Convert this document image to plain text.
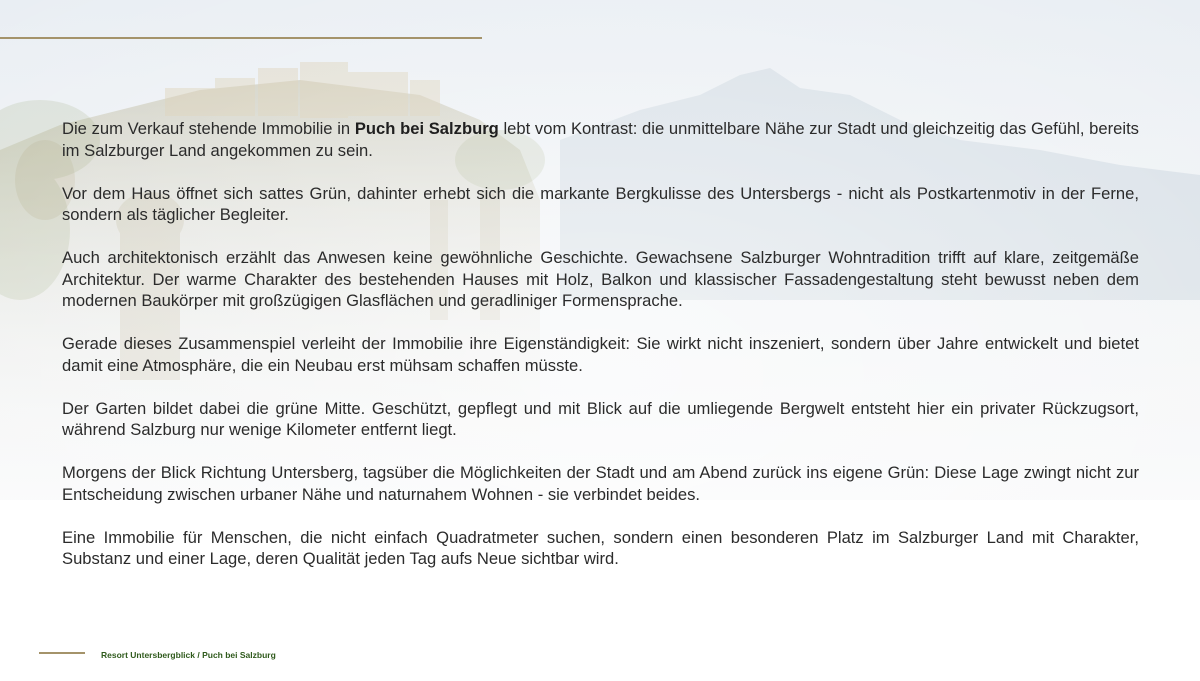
Die zum Verkauf stehende Immobilie in Puch bei Salzburg lebt vom Kontrast: die unmittelbare Nähe zur Stadt und gleichzeitig das Gefühl, bereits im Salzburger Land angekommen zu sein.

Vor dem Haus öffnet sich sattes Grün, dahinter erhebt sich die markante Bergkulisse des Untersbergs - nicht als Postkartenmotiv in der Ferne, sondern als täglicher Begleiter.

Auch architektonisch erzählt das Anwesen keine gewöhnliche Geschichte. Gewachsene Salzburger Wohntradition trifft auf klare, zeitgemäße Architektur. Der warme Charakter des bestehenden Hauses mit Holz, Balkon und klassischer Fassadengestaltung steht bewusst neben dem modernen Baukörper mit großzügigen Glasflächen und geradliniger Formensprache.

Gerade dieses Zusammenspiel verleiht der Immobilie ihre Eigenständigkeit: Sie wirkt nicht inszeniert, sondern über Jahre entwickelt und bietet damit eine Atmosphäre, die ein Neubau erst mühsam schaffen müsste.

Der Garten bildet dabei die grüne Mitte. Geschützt, gepflegt und mit Blick auf die umliegende Bergwelt entsteht hier ein privater Rückzugsort, während Salzburg nur wenige Kilometer entfernt liegt.

Morgens der Blick Richtung Untersberg, tagsüber die Möglichkeiten der Stadt und am Abend zurück ins eigene Grün: Diese Lage zwingt nicht zur Entscheidung zwischen urbaner Nähe und naturnahem Wohnen - sie verbindet beides.

Eine Immobilie für Menschen, die nicht einfach Quadratmeter suchen, sondern einen besonderen Platz im Salzburger Land mit Charakter, Substanz und einer Lage, deren Qualität jeden Tag aufs Neue sichtbar wird.

Resort Untersbergblick / Puch bei Salzburg
